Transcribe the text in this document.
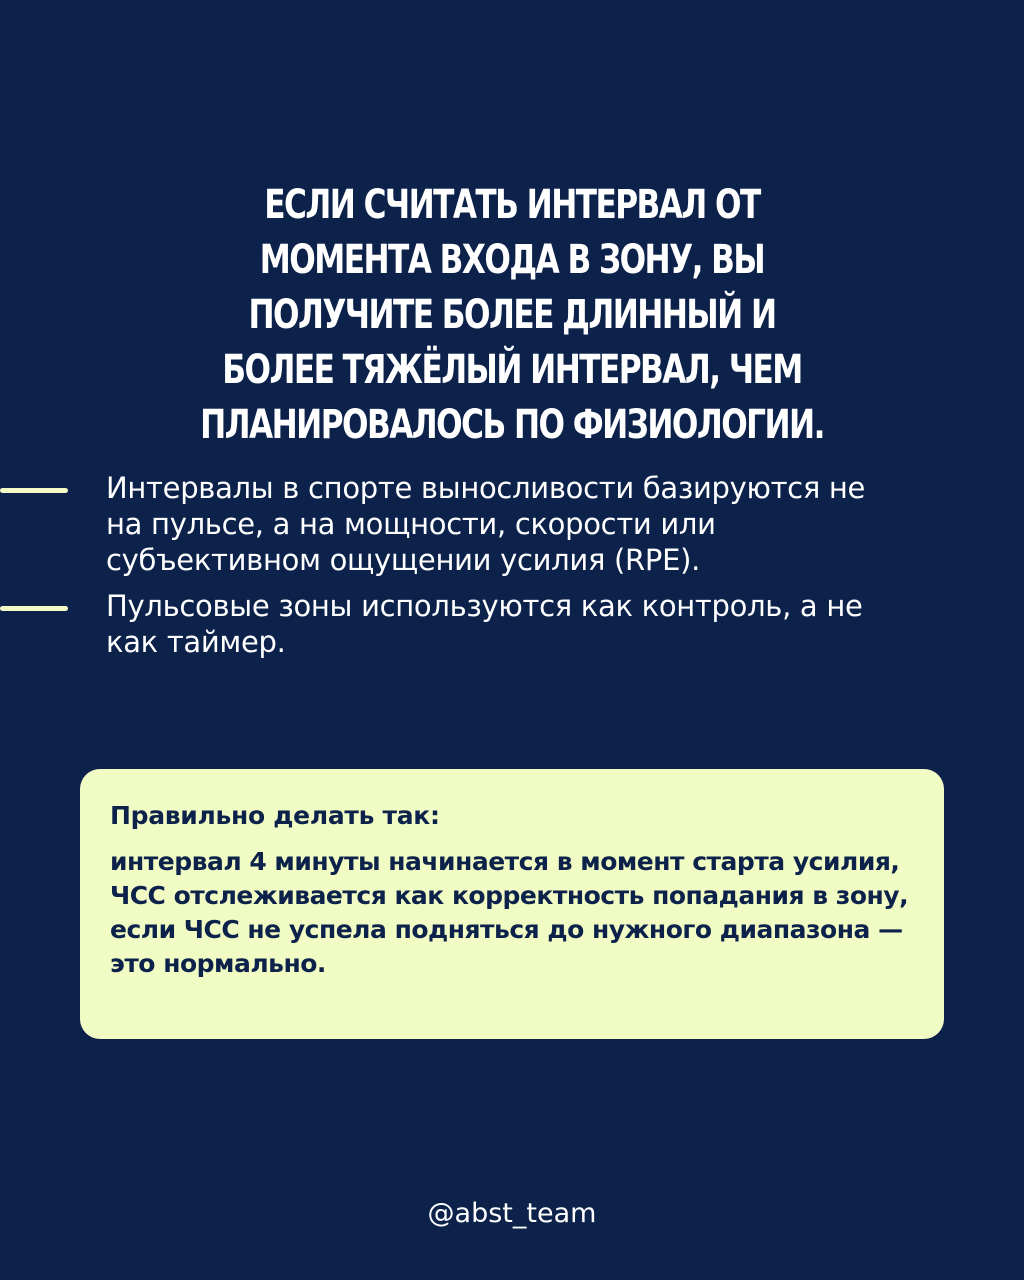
ЕСЛИ СЧИТАТЬ ИНТЕРВАЛ ОТ МОМЕНТА ВХОДА В ЗОНУ, ВЫ ПОЛУЧИТЕ БОЛЕЕ ДЛИННЫЙ И БОЛЕЕ ТЯЖЁЛЫЙ ИНТЕРВАЛ, ЧЕМ ПЛАНИРОВАЛОСЬ ПО ФИЗИОЛОГИИ.
Интервалы в спорте выносливости базируются не на пульсе, а на мощности, скорости или субъективном ощущении усилия (RPE).
Пульсовые зоны используются как контроль, а не как таймер.

Правильно делать так:

интервал 4 минуты начинается в момент старта усилия, ЧСС отслеживается как корректность попадания в зону, если ЧСС не успела подняться до нужного диапазона — это нормально.

@abst_team
